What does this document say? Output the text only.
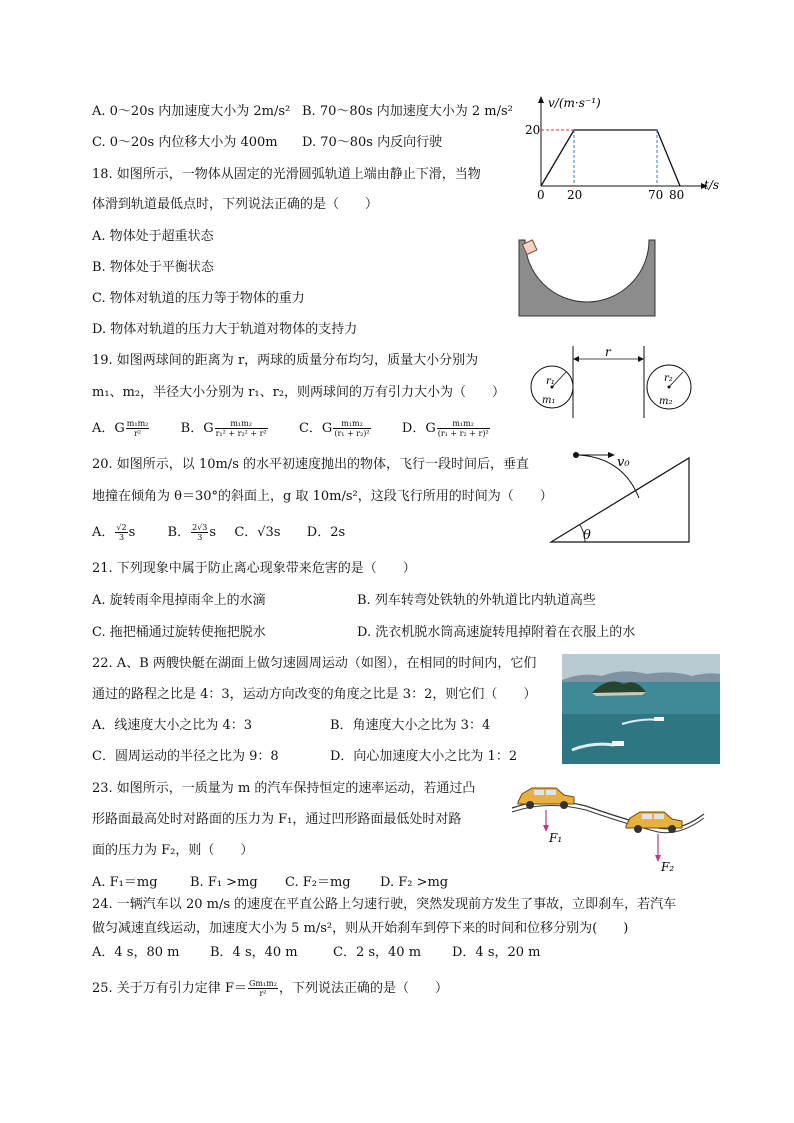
A. 0～20s 内加速度大小为 2m/s² B. 70～80s 内加速度大小为 2 m/s²
C. 0～20s 内位移大小为 400m D. 70～80s 内反向行驶
v/(m·s⁻¹)
20
0 20	70 80
t/s
18. 如图所示，一物体从固定的光滑圆弧轨道上端由静止下滑，当物
体滑到轨道最低点时，下列说法正确的是（　　）
A. 物体处于超重状态
B. 物体处于平衡状态
C. 物体对轨道的压力等于物体的重力
D. 物体对轨道的压力大于轨道对物体的支持力
19. 如图两球间的距离为 r，两球的质量分布均匀，质量大小分别为
m₁、m₂，半径大小分别为 r₁、r₂，则两球间的万有引力大小为（　　）
A．G $\frac{\text{m₁m₂}}{\text{r²}}$ B．G $\frac{\text{m₁m₂}}{\text{r₁² + r₂² + r²}}$ C．G $\frac{\text{m₁m₂}}{\text{(r₁ + r₂)²}}$ D．G $\frac{\text{m₁m₂}}{\text{(r₁ + r₂ + r)²}}$
r
r₁
m₁
r₂
m₂
20. 如图所示，以 10m/s 的水平初速度抛出的物体，飞行一段时间后，垂直
地撞在倾角为 θ＝30°的斜面上，g 取 10m/s²，这段飞行所用的时间为（　　）
A． $\frac{√2}{3}$ s B． $\frac{2√3}{3}$ s C．√3s D．2s	θ
v₀
21. 下列现象中属于防止离心现象带来危害的是（　　）
A. 旋转雨伞甩掉雨伞上的水滴	B. 列车转弯处铁轨的外轨道比内轨道高些
C. 拖把桶通过旋转使拖把脱水	D. 洗衣机脱水筒高速旋转甩掉附着在衣服上的水
22. A、B 两艘快艇在湖面上做匀速圆周运动（如图），在相同的时间内，它们
通过的路程之比是 4：3，运动方向改变的角度之比是 3：2，则它们（　　）
A．线速度大小之比为 4：3	B．角速度大小之比为 3：4
C．圆周运动的半径之比为 9：8	D．向心加速度大小之比为 1：2
23. 如图所示，一质量为 m 的汽车保持恒定的速率运动，若通过凸
形路面最高处时对路面的压力为 F₁，通过凹形路面最低处时对路
面的压力为 F₂，则（　　）
A. F₁＝mg B. F₁ >mg C. F₂＝mg D. F₂ >mg
F₁
F₂
24. 一辆汽车以 20 m/s 的速度在平直公路上匀速行驶，突然发现前方发生了事故，立即刹车，若汽车
做匀减速直线运动，加速度大小为 5 m/s²，则从开始刹车到停下来的时间和位移分别为(　　)
A．4 s，80 m B．4 s，40 m	C．2 s，40 m D．4 s，20 m
25. 关于万有引力定律 $F= \frac{\text{Gm₁m₂}}{\text{r²}}$ ，下列说法正确的是（　　）
